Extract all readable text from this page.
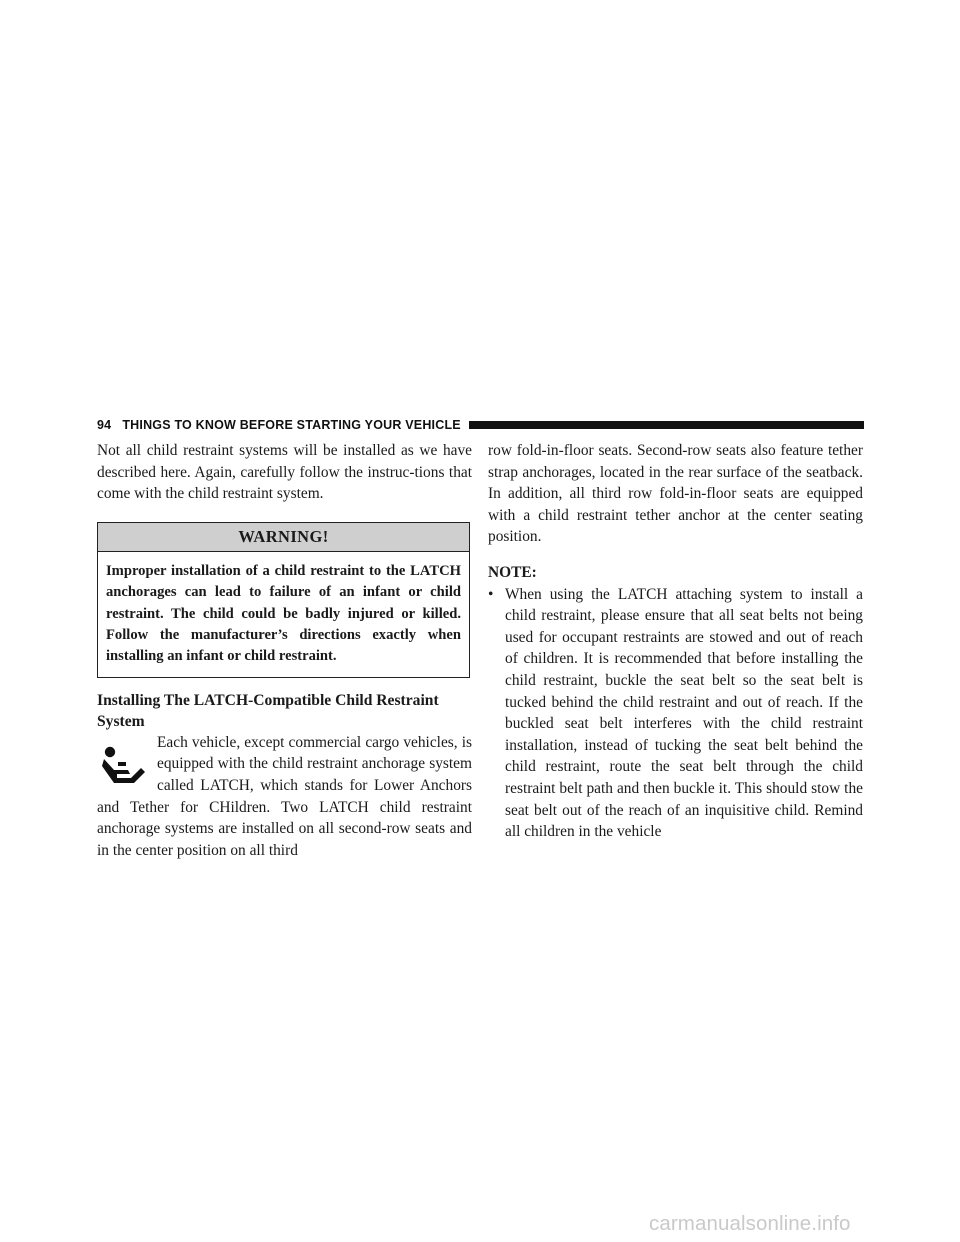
94 THINGS TO KNOW BEFORE STARTING YOUR VEHICLE

Not all child restraint systems will be installed as we have described here. Again, carefully follow the instruc-tions that come with the child restraint system.

WARNING!
Improper installation of a child restraint to the LATCH anchorages can lead to failure of an infant or child restraint. The child could be badly injured or killed. Follow the manufacturer’s directions exactly when installing an infant or child restraint.
Installing The LATCH-Compatible Child Restraint System

Each vehicle, except commercial cargo vehicles, is equipped with the child restraint anchorage system called LATCH, which stands for Lower Anchors and Tether for CHildren. Two LATCH child restraint anchorage systems are installed on all second-row seats and in the center position on all third

row fold-in-floor seats. Second-row seats also feature tether strap anchorages, located in the rear surface of the seatback. In addition, all third row fold-in-floor seats are equipped with a child restraint tether anchor at the center seating position.

NOTE:

• When using the LATCH attaching system to install a child restraint, please ensure that all seat belts not being used for occupant restraints are stowed and out of reach of children. It is recommended that before installing the child restraint, buckle the seat belt so the seat belt is tucked behind the child restraint and out of reach. If the buckled seat belt interferes with the child restraint installation, instead of tucking the seat belt behind the child restraint, route the seat belt through the child restraint belt path and then buckle it. This should stow the seat belt out of the reach of an inquisitive child. Remind all children in the vehicle
carmanualsonline.info
